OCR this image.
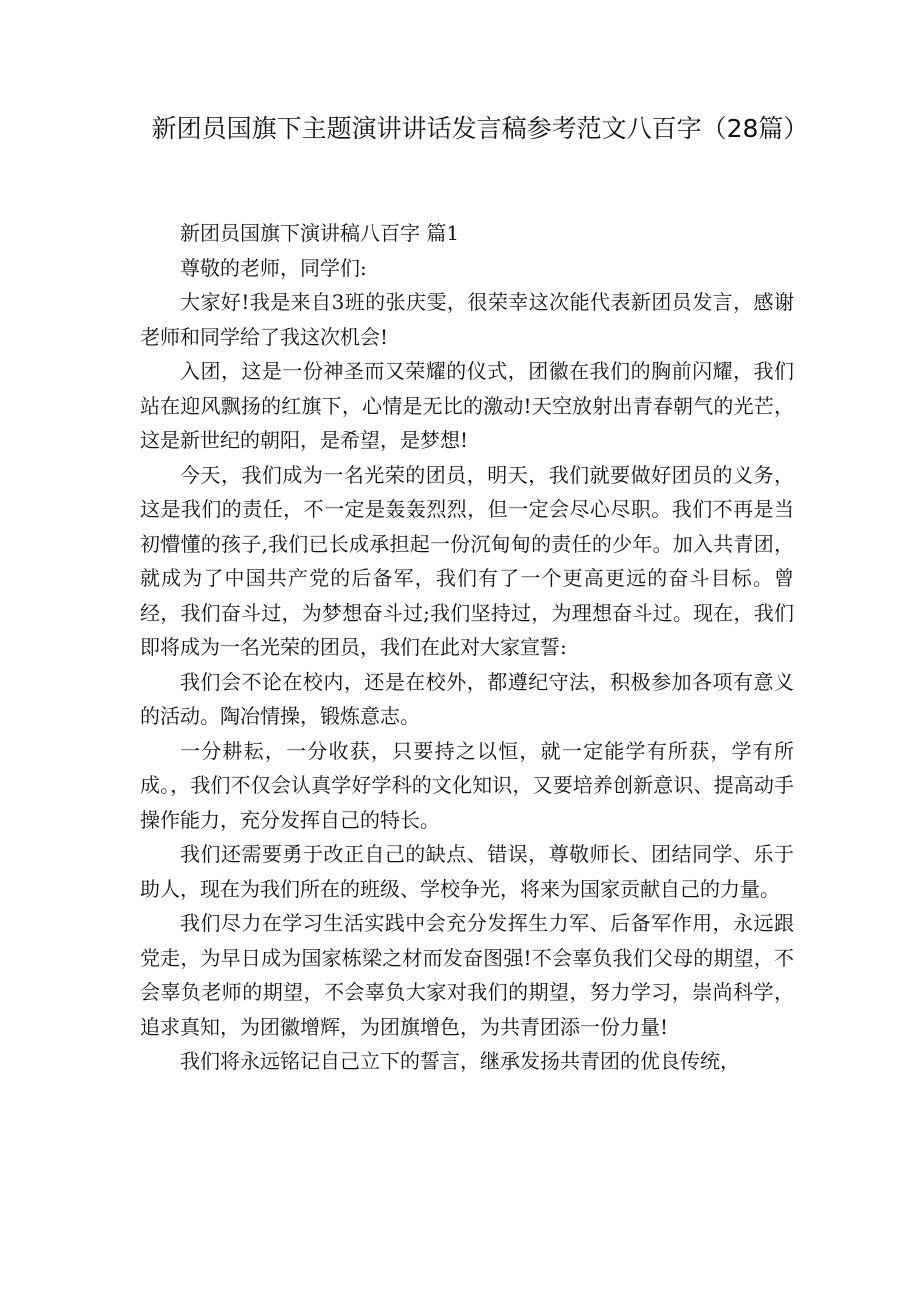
新团员国旗下主题演讲讲话发言稿参考范文八百字（28篇）

新团员国旗下演讲稿八百字 篇1

尊敬的老师，同学们:

大家好!我是来自3班的张庆雯，很荣幸这次能代表新团员发言，感谢老师和同学给了我这次机会!

入团，这是一份神圣而又荣耀的仪式，团徽在我们的胸前闪耀，我们站在迎风飘扬的红旗下，心情是无比的激动!天空放射出青春朝气的光芒，这是新世纪的朝阳，是希望，是梦想!

今天，我们成为一名光荣的团员，明天，我们就要做好团员的义务，这是我们的责任，不一定是轰轰烈烈，但一定会尽心尽职。我们不再是当初懵懂的孩子,我们已长成承担起一份沉甸甸的责任的少年。加入共青团，就成为了中国共产党的后备军，我们有了一个更高更远的奋斗目标。曾经，我们奋斗过，为梦想奋斗过;我们坚持过，为理想奋斗过。现在，我们即将成为一名光荣的团员，我们在此对大家宣誓:

我们会不论在校内，还是在校外，都遵纪守法，积极参加各项有意义的活动。陶冶情操，锻炼意志。

一分耕耘，一分收获，只要持之以恒，就一定能学有所获，学有所成。，我们不仅会认真学好学科的文化知识，又要培养创新意识、提高动手操作能力，充分发挥自己的特长。

我们还需要勇于改正自己的缺点、错误，尊敬师长、团结同学、乐于助人，现在为我们所在的班级、学校争光，将来为国家贡献自己的力量。

我们尽力在学习生活实践中会充分发挥生力军、后备军作用，永远跟党走，为早日成为国家栋梁之材而发奋图强!不会辜负我们父母的期望，不会辜负老师的期望，不会辜负大家对我们的期望，努力学习，崇尚科学，追求真知，为团徽增辉，为团旗增色，为共青团添一份力量!

我们将永远铭记自己立下的誓言，继承发扬共青团的优良传统，
